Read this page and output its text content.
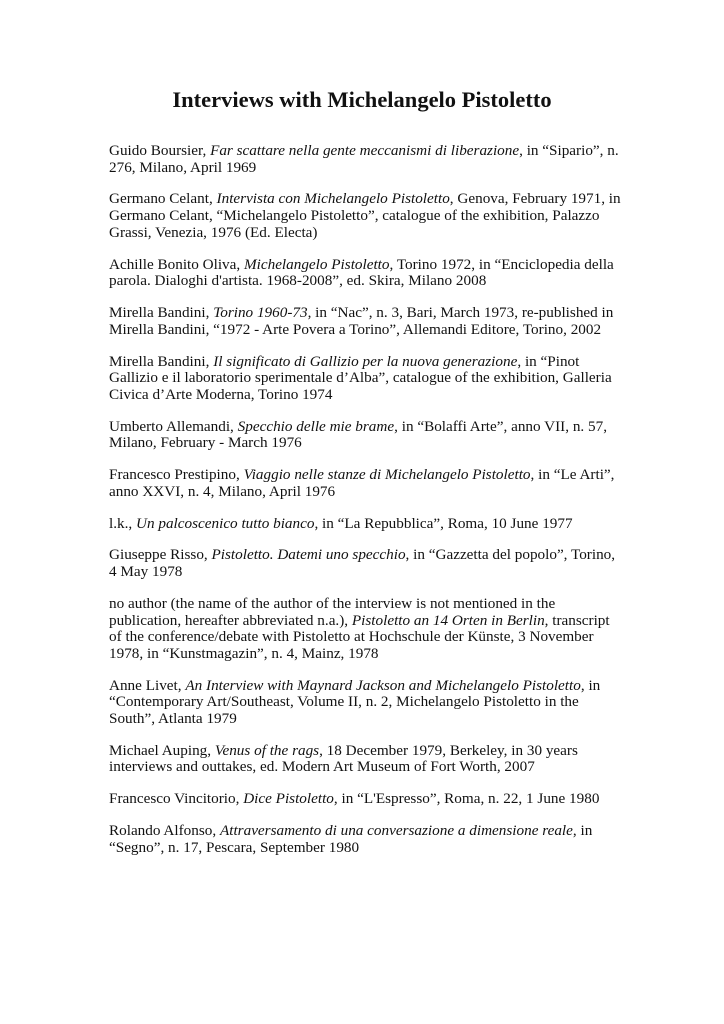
Interviews with Michelangelo Pistoletto

Guido Boursier, Far scattare nella gente meccanismi di liberazione, in “Sipario”, n. 276, Milano, April 1969

Germano Celant, Intervista con Michelangelo Pistoletto, Genova, February 1971, in Germano Celant, “Michelangelo Pistoletto”, catalogue of the exhibition, Palazzo Grassi, Venezia, 1976 (Ed. Electa)

Achille Bonito Oliva, Michelangelo Pistoletto, Torino 1972, in “Enciclopedia della parola. Dialoghi d'artista. 1968-2008”, ed. Skira, Milano 2008

Mirella Bandini, Torino 1960-73, in “Nac”, n. 3, Bari, March 1973, re-published in Mirella Bandini, “1972 - Arte Povera a Torino”, Allemandi Editore, Torino, 2002

Mirella Bandini, Il significato di Gallizio per la nuova generazione, in “Pinot Gallizio e il laboratorio sperimentale d’Alba”, catalogue of the exhibition, Galleria Civica d’Arte Moderna, Torino 1974

Umberto Allemandi, Specchio delle mie brame, in “Bolaffi Arte”, anno VII, n. 57, Milano, February - March 1976

Francesco Prestipino, Viaggio nelle stanze di Michelangelo Pistoletto, in “Le Arti”, anno XXVI, n. 4, Milano, April 1976

l.k., Un palcoscenico tutto bianco, in “La Repubblica”, Roma, 10 June 1977

Giuseppe Risso, Pistoletto. Datemi uno specchio, in “Gazzetta del popolo”, Torino, 4 May 1978

no author (the name of the author of the interview is not mentioned in the publication, hereafter abbreviated n.a.), Pistoletto an 14 Orten in Berlin, transcript of the conference/debate with Pistoletto at Hochschule der Künste, 3 November 1978, in “Kunstmagazin”, n. 4, Mainz, 1978

Anne Livet, An Interview with Maynard Jackson and Michelangelo Pistoletto, in “Contemporary Art/Southeast, Volume II, n. 2, Michelangelo Pistoletto in the South”, Atlanta 1979

Michael Auping, Venus of the rags, 18 December 1979, Berkeley, in 30 years interviews and outtakes, ed. Modern Art Museum of Fort Worth, 2007

Francesco Vincitorio, Dice Pistoletto, in “L'Espresso”, Roma, n. 22, 1 June 1980

Rolando Alfonso, Attraversamento di una conversazione a dimensione reale, in “Segno”, n. 17, Pescara, September 1980
